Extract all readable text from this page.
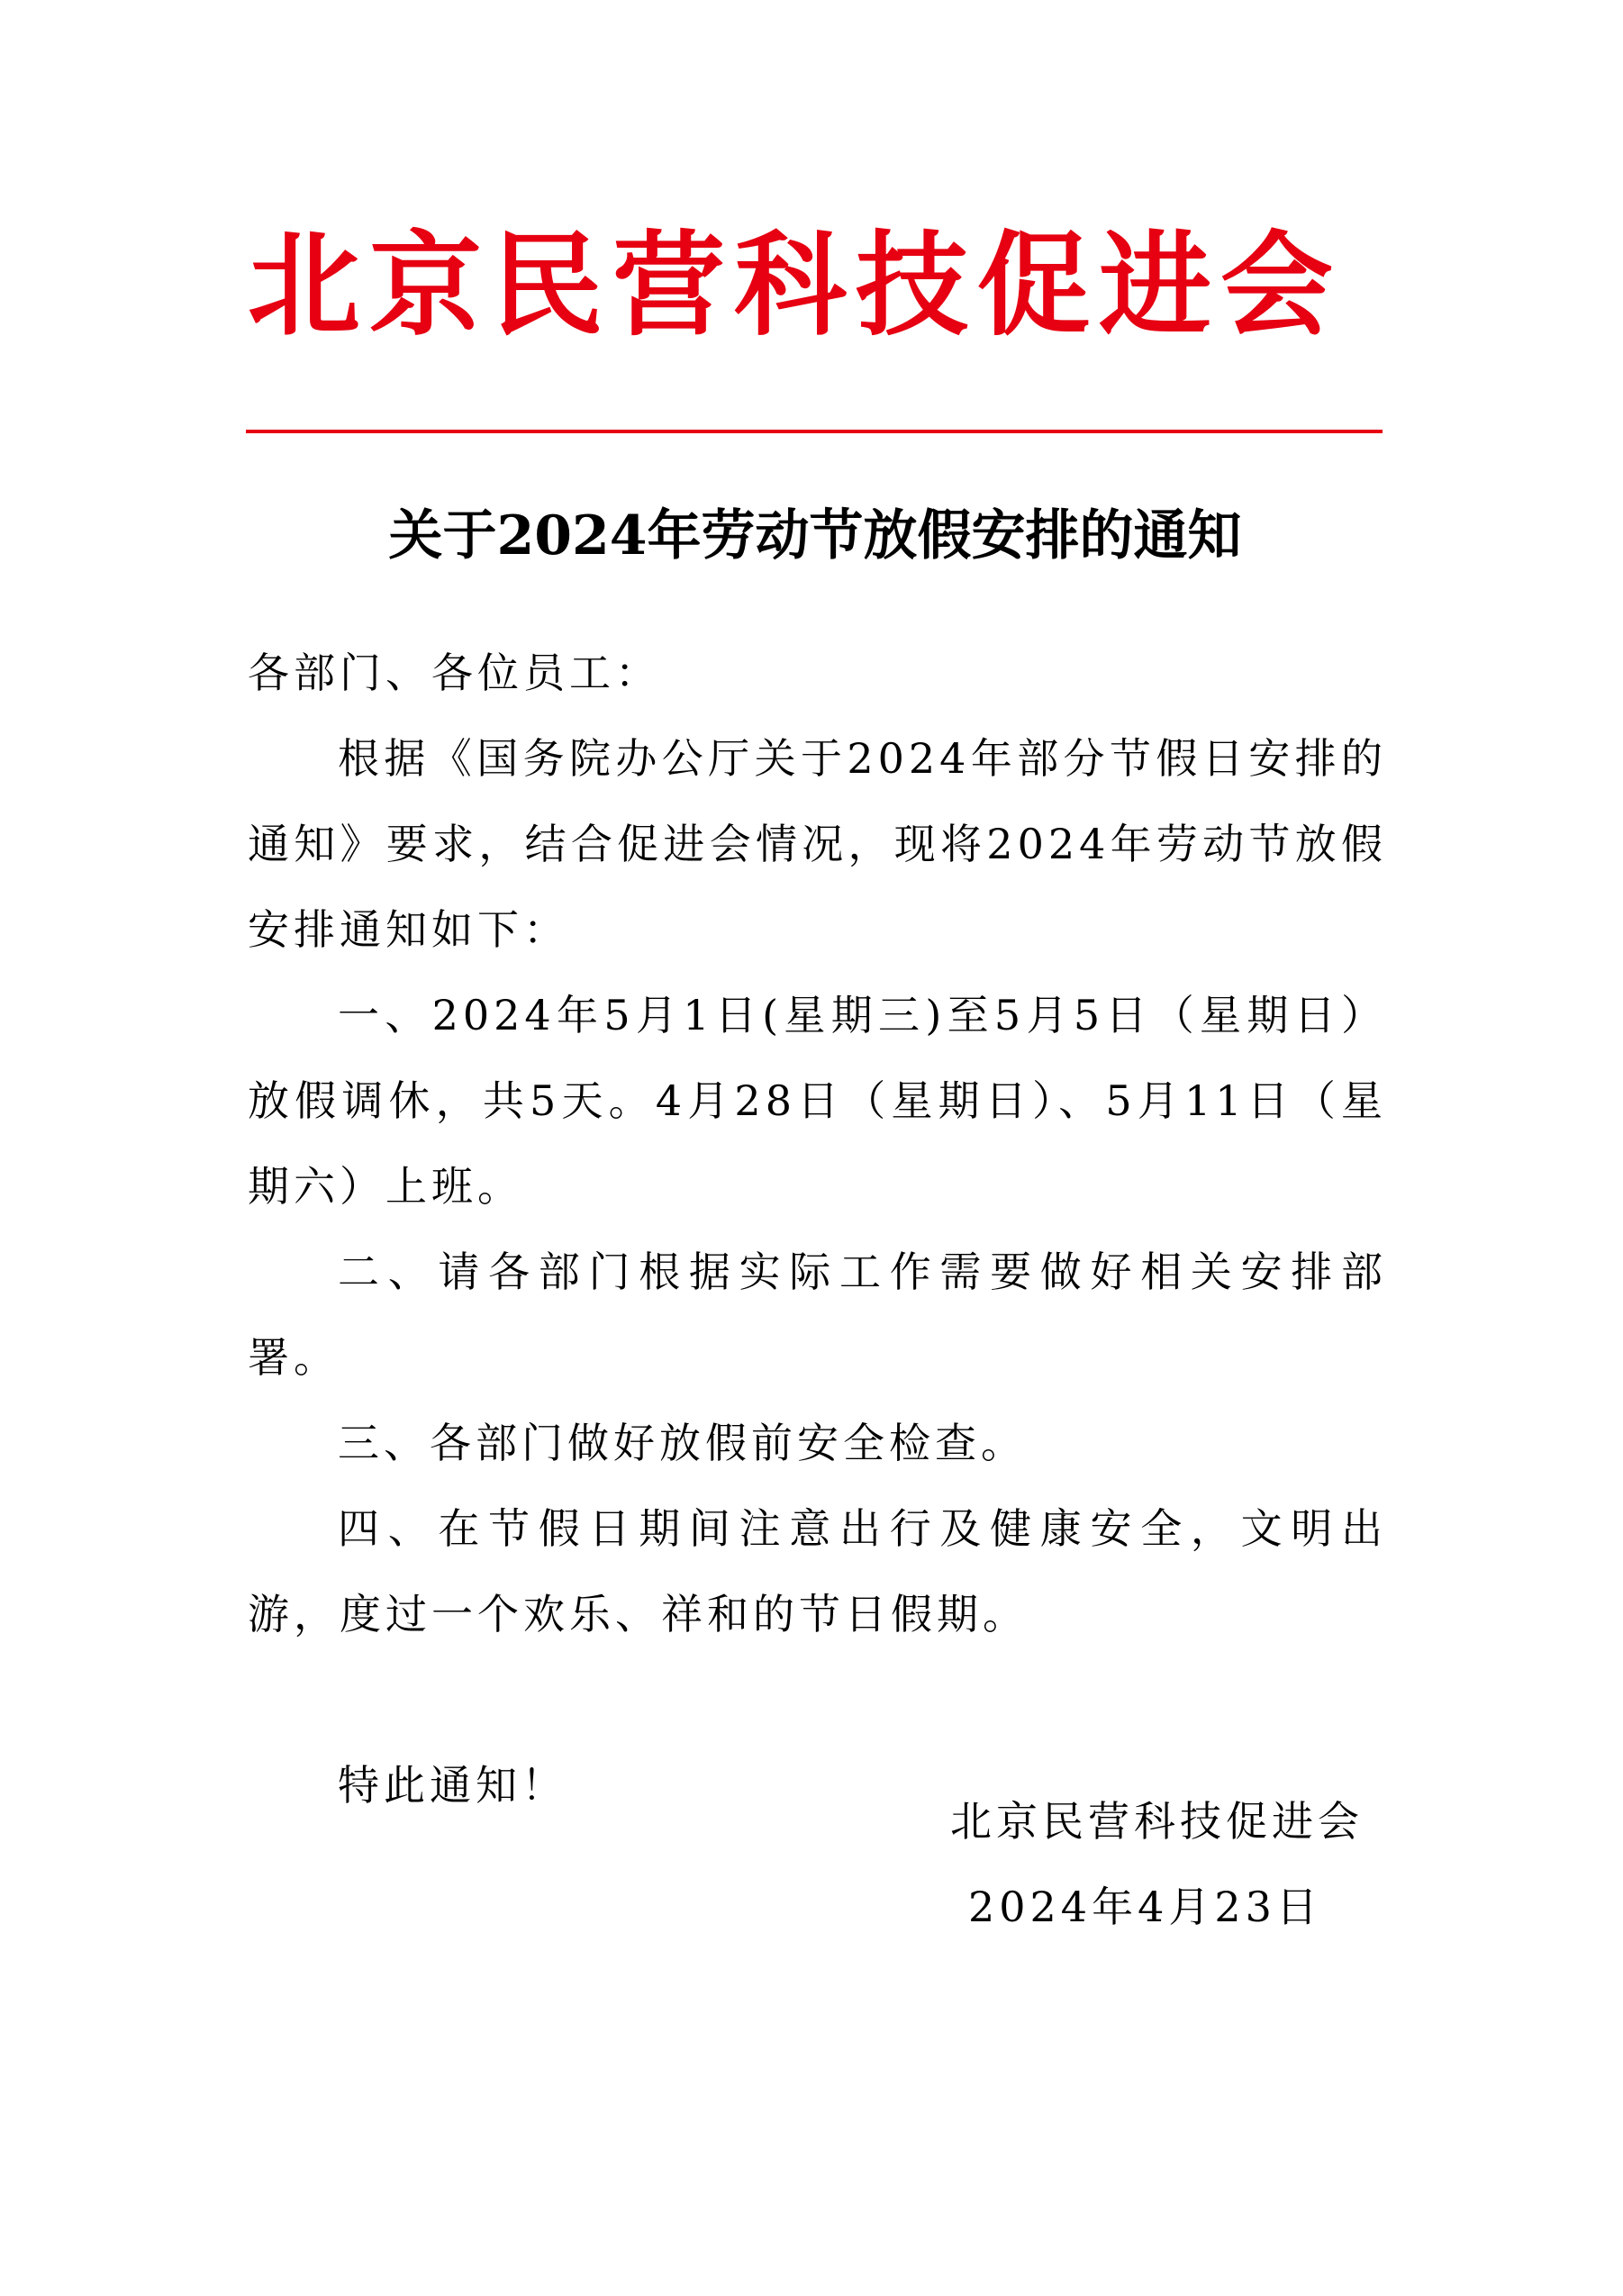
北京民营科技促进会
关于2024年劳动节放假安排的通知

各部门、各位员工：

根据《国务院办公厅关于2024年部分节假日安排的通知》要求，结合促进会情况，现将2024年劳动节放假安排通知如下：

一、2024年5月1日(星期三)至5月5日（星期日）放假调休，共5天。4月28日（星期日）、5月11日（星期六）上班。

二、请各部门根据实际工作需要做好相关安排部署。

三、各部门做好放假前安全检查。

四、在节假日期间注意出行及健康安全，文明出游，度过一个欢乐、祥和的节日假期。

特此通知！

北京民营科技促进会
2024年4月23日
